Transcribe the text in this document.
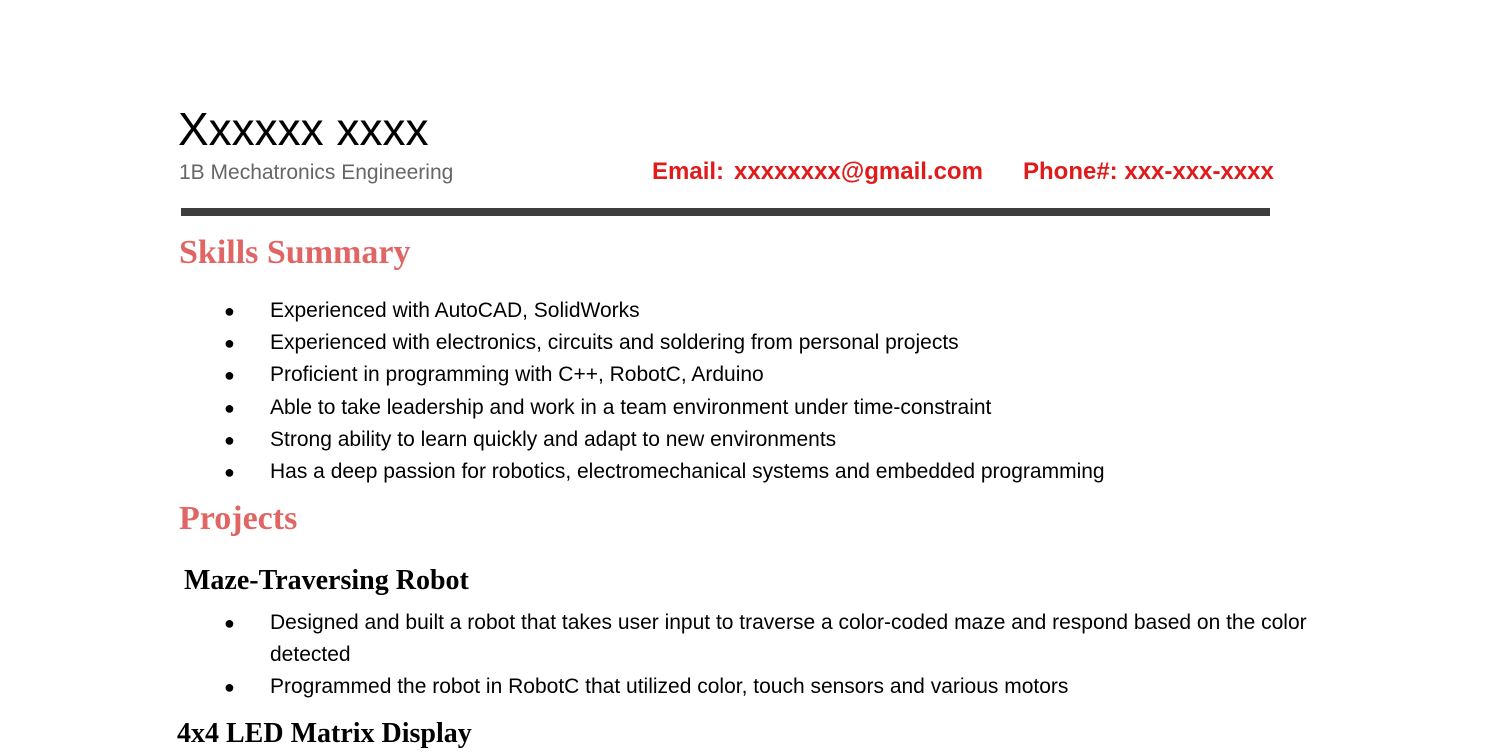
Xxxxxx xxxx
1B Mechatronics Engineering	Email: xxxxxxxx@gmail.com Phone#: xxx-xxx-xxxx
Skills Summary
● Experienced with AutoCAD, SolidWorks
● Experienced with electronics, circuits and soldering from personal projects
● Proficient in programming with C++, RobotC, Arduino
● Able to take leadership and work in a team environment under time-constraint
● Strong ability to learn quickly and adapt to new environments
● Has a deep passion for robotics, electromechanical systems and embedded programming
Projects
Maze-Traversing Robot
● Designed and built a robot that takes user input to traverse a color-coded maze and respond based on the color detected
● Programmed the robot in RobotC that utilized color, touch sensors and various motors
4x4 LED Matrix Display
